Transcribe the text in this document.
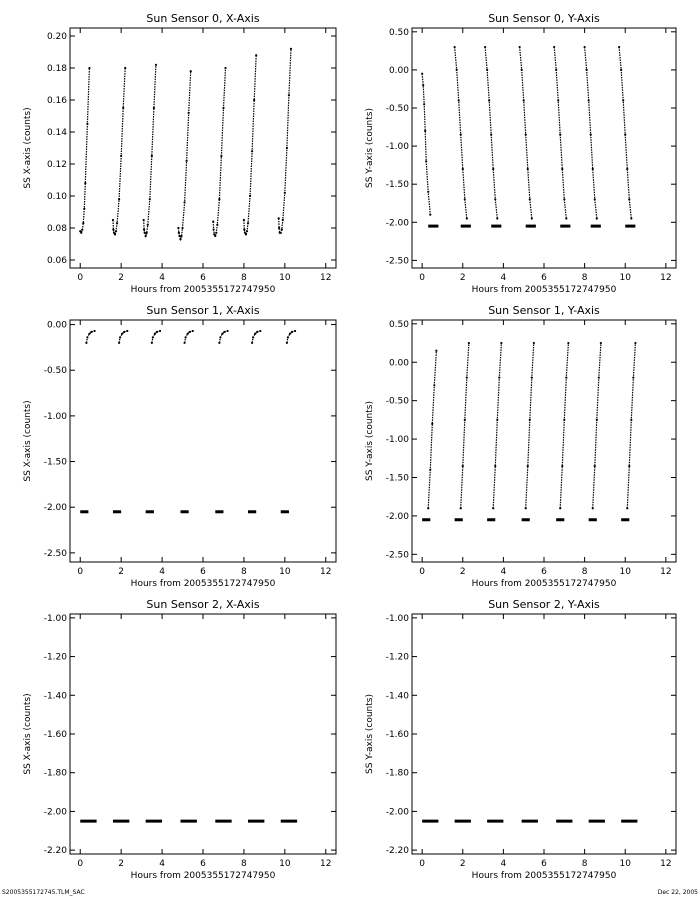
Sun Sensor 0, X-Axis
0	2	4	6	8	10	12
0.06
0.08
0.10
0.12
0.14
0.16
0.18
0.20
Hours from 2005355172747950
SS X-axis (counts)
Sun Sensor 0, Y-Axis
0	2	4	6	8	10	12
-2.50
-2.00
-1.50
-1.00
-0.50
0.00
0.50
Hours from 2005355172747950
SS Y-axis (counts)
Sun Sensor 1, X-Axis
0	2	4	6	8	10	12
-2.50
-2.00
-1.50
-1.00
-0.50
0.00
Hours from 2005355172747950
SS X-axis (counts)
Sun Sensor 1, Y-Axis
0	2	4	6	8	10	12
-2.50
-2.00
-1.50
-1.00
-0.50
0.00
0.50
Hours from 2005355172747950
SS Y-axis (counts)
Sun Sensor 2, X-Axis
0	2	4	6	8	10	12
-2.20
-2.00
-1.80
-1.60
-1.40
-1.20
-1.00
Hours from 2005355172747950
SS X-axis (counts)
Sun Sensor 2, Y-Axis
0	2	4	6	8	10	12
-2.20
-2.00
-1.80
-1.60
-1.40
-1.20
-1.00
Hours from 2005355172747950
SS Y-axis (counts)
S2005355172745.TLM_SAC	Dec 22, 2005
